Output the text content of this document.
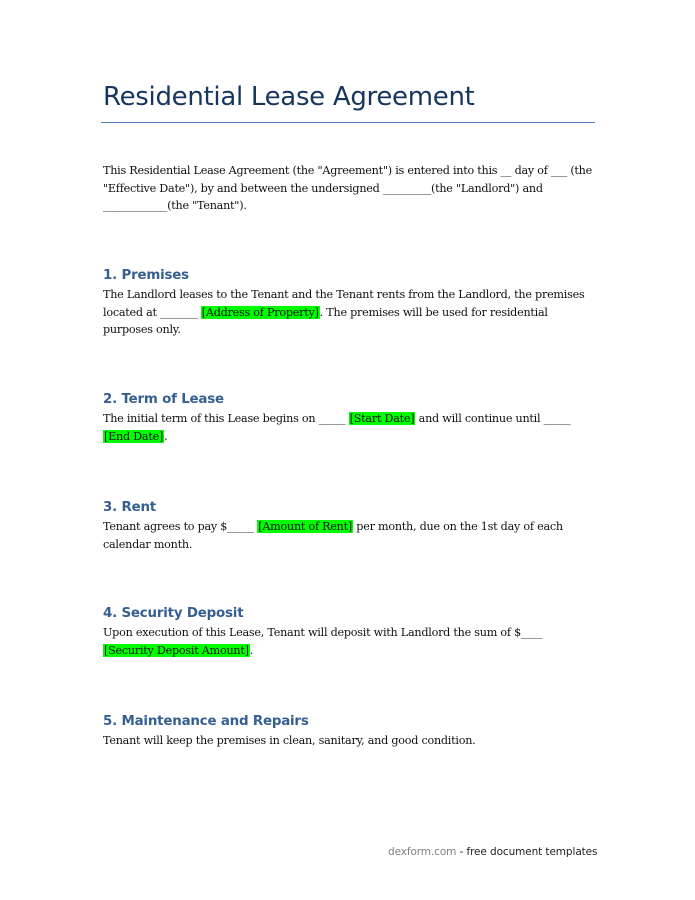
Residential Lease Agreement

This Residential Lease Agreement (the "Agreement") is entered into this __ day of ___ (the
"Effective Date"), by and between the undersigned _________(the "Landlord") and
____________(the "Tenant").

1. Premises

The Landlord leases to the Tenant and the Tenant rents from the Landlord, the premises located at _______ [Address of Property]. The premises will be used for residential purposes only.

2. Term of Lease

The initial term of this Lease begins on _____ [Start Date] and will continue until _____ [End Date].

3. Rent

Tenant agrees to pay $_____ [Amount of Rent] per month, due on the 1st day of each calendar month.

4. Security Deposit

Upon execution of this Lease, Tenant will deposit with Landlord the sum of $____ [Security Deposit Amount].

5. Maintenance and Repairs

Tenant will keep the premises in clean, sanitary, and good condition.

dexform.com - free document templates
